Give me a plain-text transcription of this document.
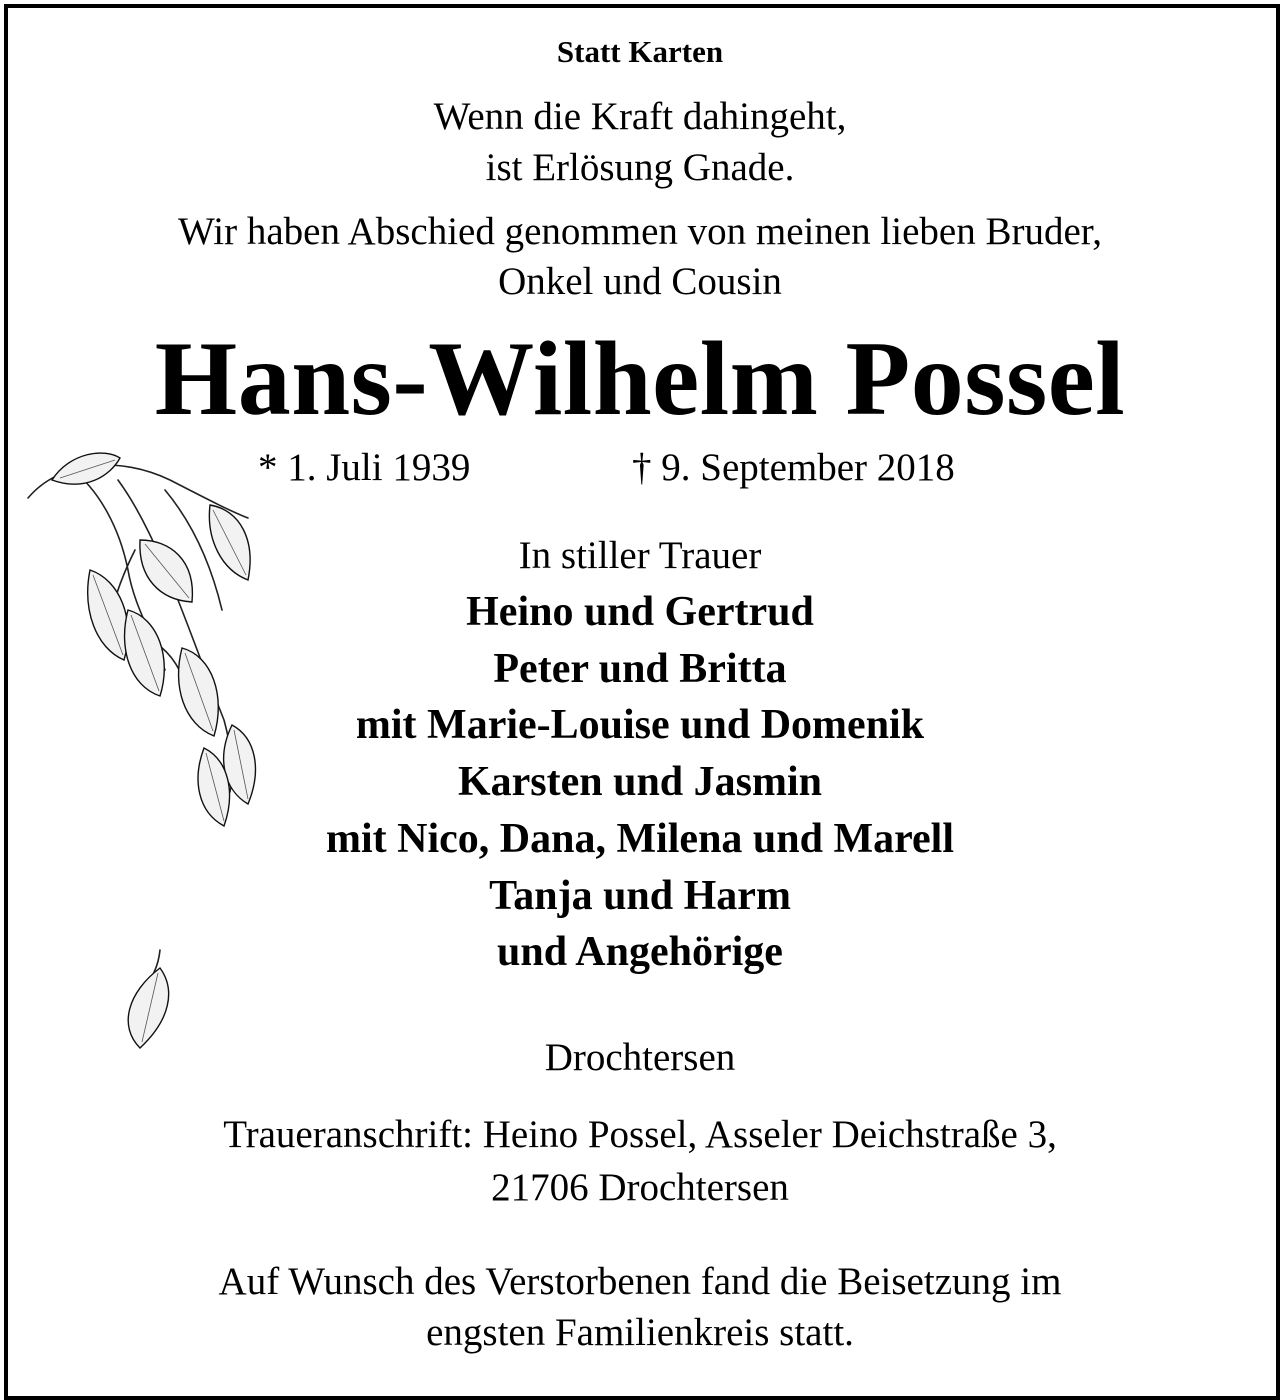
Statt Karten
Wenn die Kraft dahingeht,
ist Erlösung Gnade.
Wir haben Abschied genommen von meinen lieben Bruder,
Onkel und Cousin
Hans-Wilhelm Possel
* 1. Juli 1939	† 9. September 2018
In stiller Trauer
Heino und Gertrud
Peter und Britta
mit Marie-Louise und Domenik
Karsten und Jasmin
mit Nico, Dana, Milena und Marell
Tanja und Harm
und Angehörige
Drochtersen
Traueranschrift: Heino Possel, Asseler Deichstraße 3,
21706 Drochtersen
Auf Wunsch des Verstorbenen fand die Beisetzung im
engsten Familienkreis statt.
